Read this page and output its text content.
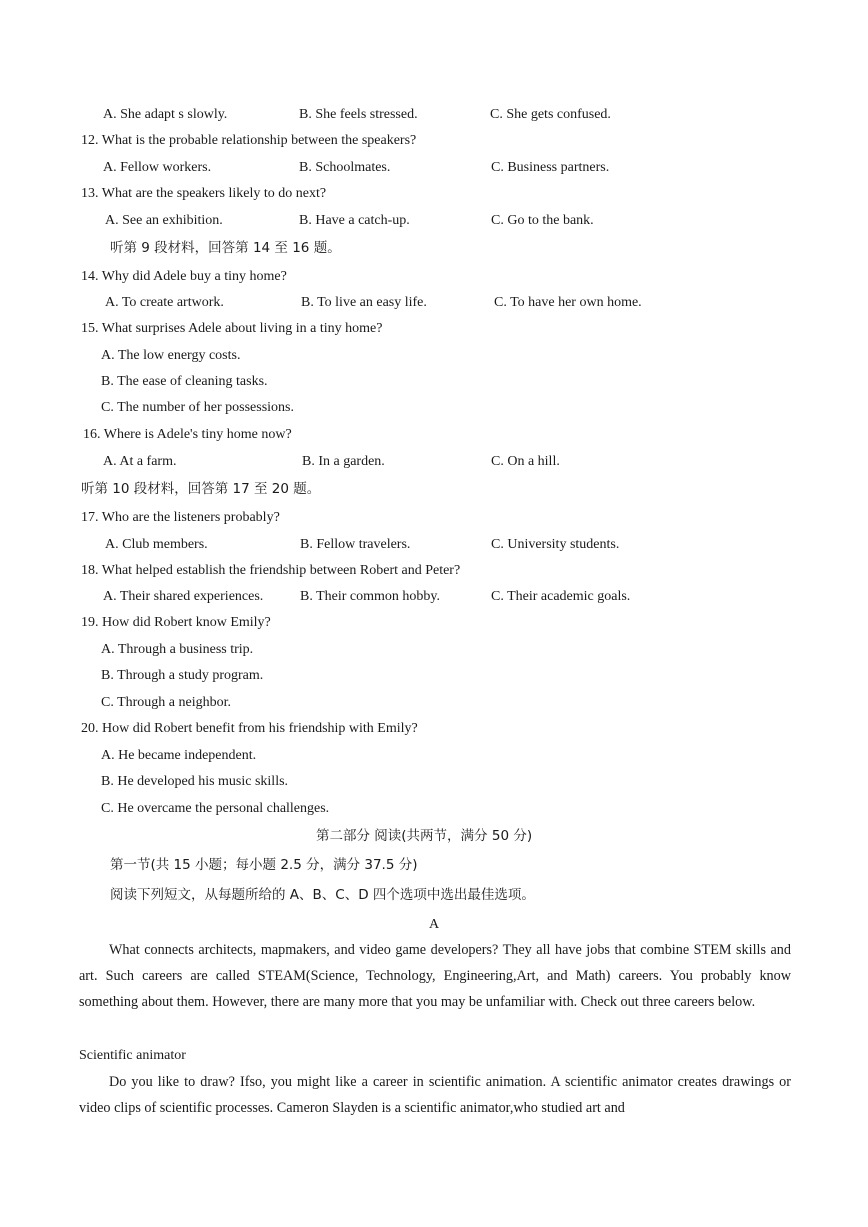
A. She adapt s slowly.	B. She feels stressed.	C. She gets confused.
12. What is the probable relationship between the speakers?
A. Fellow workers.	B. Schoolmates.	C. Business partners.
13. What are the speakers likely to do next?
A. See an exhibition.	B. Have a catch-up.	C. Go to the bank.
听第 9 段材料，回答第 14 至 16 题。
14. Why did Adele buy a tiny home?
A. To create artwork.	B. To live an easy life.	C. To have her own home.
15. What surprises Adele about living in a tiny home?
A. The low energy costs.
B. The ease of cleaning tasks.
C. The number of her possessions.
16. Where is Adele's tiny home now?
A. At a farm.	B. In a garden.	C. On a hill.
听第 10 段材料，回答第 17 至 20 题。
17. Who are the listeners probably?
A. Club members.	B. Fellow travelers.	C. University students.
18. What helped establish the friendship between Robert and Peter?
A. Their shared experiences.	B. Their common hobby.	C. Their academic goals.
19. How did Robert know Emily?
A. Through a business trip.
B. Through a study program.
C. Through a neighbor.
20. How did Robert benefit from his friendship with Emily?
A. He became independent.
B. He developed his music skills.
C. He overcame the personal challenges.
第二部分 阅读(共两节，满分 50 分)
第一节(共 15 小题；每小题 2.5 分，满分 37.5 分)
阅读下列短文，从每题所给的 A、B、C、D 四个选项中选出最佳选项。
A
What connects architects, mapmakers, and video game developers? They all have jobs that combine STEM skills and art. Such careers are called STEAM(Science, Technology, Engineering,Art, and Math) careers. You probably know something about them. However, there are many more that you may be unfamiliar with. Check out three careers below.
Scientific animator
Do you like to draw? Ifso, you might like a career in scientific animation. A scientific animator creates drawings or video clips of scientific processes. Cameron Slayden is a scientific animator,who studied art and
